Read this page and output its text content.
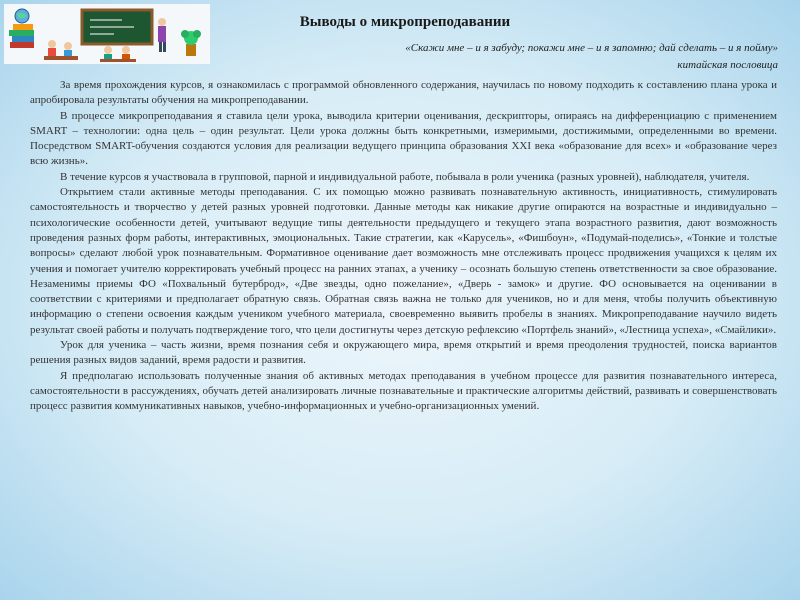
Выводы о микропреподавании
«Скажи мне – и я забуду; покажи мне – и я запомню; дай сделать – и я пойму»
китайская пословица

За время прохождения курсов, я ознакомилась с программой обновленного содержания, научилась по новому подходить к составлению плана урока и апробировала результаты обучения на микропреподавании.

В процессе микропреподавания я ставила цели урока, выводила критерии оценивания, дескрипторы, опираясь на дифференциацию с применением SMART – технологии: одна цель – один результат. Цели урока должны быть конкретными, измеримыми, достижимыми, определенными во времени. Посредством SMART-обучения создаются условия для реализации ведущего принципа образования XXI века «образование для всех» и «образование через всю жизнь».

В течение курсов я участвовала в групповой, парной и индивидуальной работе, побывала в роли ученика (разных уровней), наблюдателя, учителя.

Открытием стали активные методы преподавания. С их помощью можно развивать познавательную активность, инициативность, стимулировать самостоятельность и творчество у детей разных уровней подготовки. Данные методы как никакие другие опираются на возрастные и индивидуально – психологические особенности детей, учитывают ведущие типы деятельности предыдущего и текущего этапа возрастного развития, дают возможность проведения разных форм работы, интерактивных, эмоциональных. Такие стратегии, как «Карусель», «Фишбоун», «Подумай-поделись», «Тонкие и толстые вопросы» сделают любой урок познавательным. Формативное оценивание дает возможность мне отслеживать процесс продвижения учащихся к целям их учения и помогает учителю корректировать учебный процесс на ранних этапах, а ученику – осознать большую степень ответственности за свое образование. Незаменимы приемы ФО «Похвальный бутерброд», «Две звезды, одно пожелание», «Дверь - замок» и другие. ФО основывается на оценивании в соответствии с критериями и предполагает обратную связь. Обратная связь важна не только для учеников, но и для меня, чтобы получить объективную информацию о степени освоения каждым учеником учебного материала, своевременно выявить пробелы в знаниях. Микропреподавание научило видеть результат своей работы и получать подтверждение того, что цели достигнуты через детскую рефлексию «Портфель знаний», «Лестница успеха», «Смайлики».

Урок для ученика – часть жизни, время познания себя и окружающего мира, время открытий и время преодоления трудностей, поиска вариантов решения разных видов заданий, время радости и развития.

Я предполагаю использовать полученные знания об активных методах преподавания в учебном процессе для развития познавательного интереса, самостоятельности в рассуждениях, обучать детей анализировать личные познавательные и практические алгоритмы действий, развивать и совершенствовать процесс развития коммуникативных навыков, учебно-информационных и учебно-организационных умений.
